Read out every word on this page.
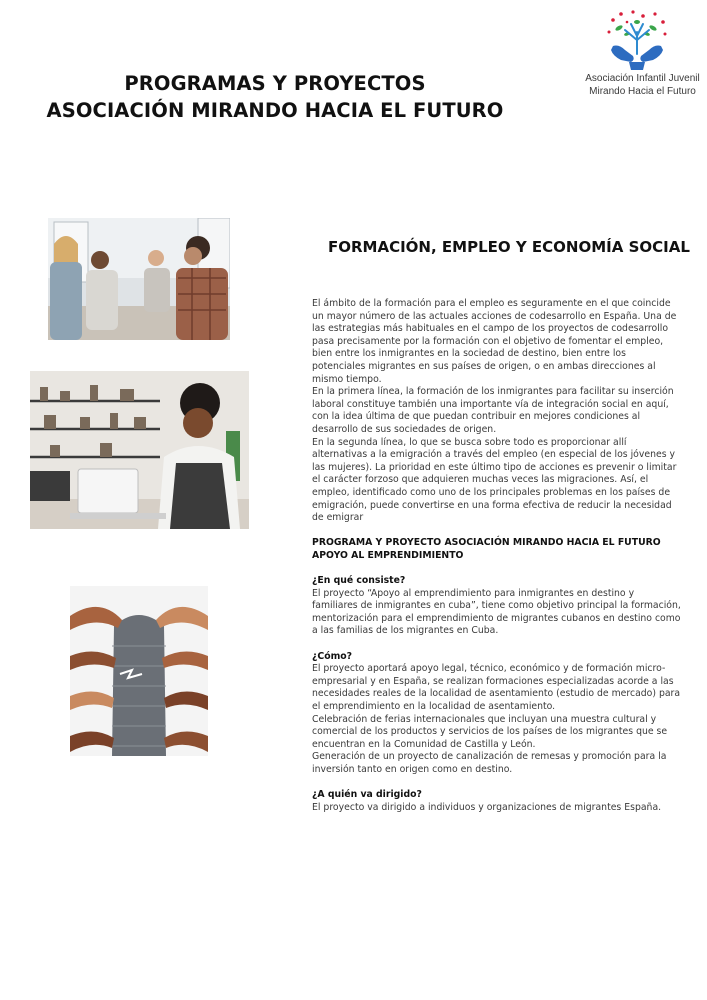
PROGRAMAS Y PROYECTOS
ASOCIACIÓN MIRANDO HACIA EL FUTURO
Asociación Infantil Juvenil
Mirando Hacia el Futuro
FORMACIÓN, EMPLEO Y ECONOMÍA SOCIAL

El ámbito de la formación para el empleo es seguramente en el que coincide un mayor número de las actuales acciones de codesarrollo en España. Una de las estrategias más habituales en el campo de los proyectos de codesarrollo pasa precisamente por la formación con el objetivo de fomentar el empleo, bien entre los inmigrantes en la sociedad de destino, bien entre los potenciales migrantes en sus países de origen, o en ambas direcciones al mismo tiempo.

En la primera línea, la formación de los inmigrantes para facilitar su inserción laboral constituye también una importante vía de integración social en aquí, con la idea última de que puedan contribuir en mejores condiciones al desarrollo de sus sociedades de origen.

En la segunda línea, lo que se busca sobre todo es proporcionar allí alternativas a la emigración a través del empleo (en especial de los jóvenes y las mujeres). La prioridad en este último tipo de acciones es prevenir o limitar el carácter forzoso que adquieren muchas veces las migraciones. Así, el empleo, identificado como uno de los principales problemas en los países de emigración, puede convertirse en una forma efectiva de reducir la necesidad de emigrar

PROGRAMA Y PROYECTO ASOCIACIÓN MIRANDO HACIA EL FUTURO

APOYO AL EMPRENDIMIENTO

¿En qué consiste?

El proyecto “Apoyo al emprendimiento para inmigrantes en destino y familiares de inmigrantes en cuba”, tiene como objetivo principal la formación, mentorización para el emprendimiento de migrantes cubanos en destino como a las familias de los migrantes en Cuba.

¿Cómo?

El proyecto aportará apoyo legal, técnico, económico y de formación micro-empresarial y en España, se realizan formaciones especializadas acorde a las necesidades reales de la localidad de asentamiento (estudio de mercado) para el emprendimiento en la localidad de asentamiento.

Celebración de ferias internacionales que incluyan una muestra cultural y comercial de los productos y servicios de los países de los migrantes que se encuentran en la Comunidad de Castilla y León.

Generación de un proyecto de canalización de remesas y promoción para la inversión tanto en origen como en destino.

¿A quién va dirigido?

El proyecto va dirigido a individuos y organizaciones de migrantes España.
